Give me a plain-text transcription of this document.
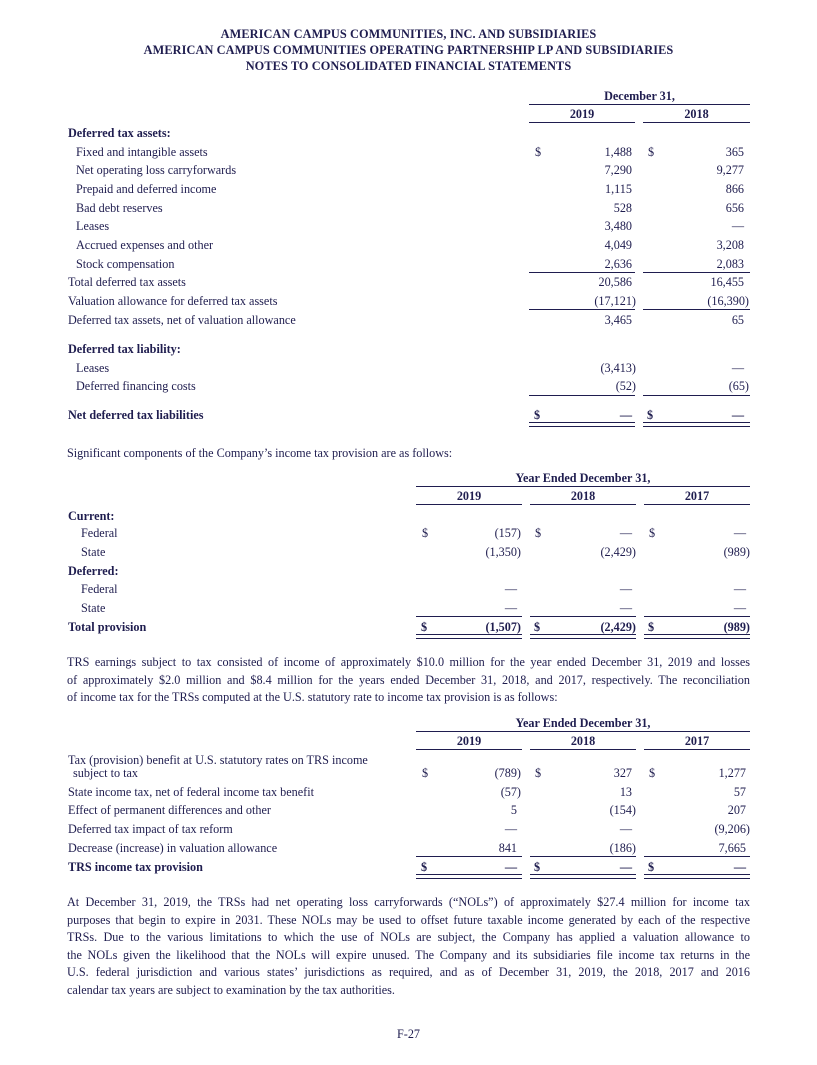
AMERICAN CAMPUS COMMUNITIES, INC. AND SUBSIDIARIES
AMERICAN CAMPUS COMMUNITIES OPERATING PARTNERSHIP LP AND SUBSIDIARIES
NOTES TO CONSOLIDATED FINANCIAL STATEMENTS
December 31,
2019	2018
Deferred tax assets:
Fixed and intangible assets	$	1,488 $	365
Net operating loss carryforwards	7,290	9,277
Prepaid and deferred income	1,115	866
Bad debt reserves	528	656
Leases	3,480	—
Accrued expenses and other	4,049	3,208
Stock compensation	2,636	2,083
Total deferred tax assets	20,586	16,455
Valuation allowance for deferred tax assets	(17,121)	(16,390)
Deferred tax assets, net of valuation allowance	3,465	65
Deferred tax liability:
Leases	(3,413)	—
Deferred financing costs	(52)	(65)
Net deferred tax liabilities	$	— $	—
Significant components of the Company’s income tax provision are as follows:
Year Ended December 31,
2019	2018	2017
Current:
Federal	$	(157) $	— $	—
State	(1,350)	(2,429)	(989)
Deferred:
Federal	—	—	—
State	—	—	—
Total provision	$	(1,507) $	(2,429) $	(989)
TRS earnings subject to tax consisted of income of approximately $10.0 million for the year ended December 31, 2019 and losses
of approximately $2.0 million and $8.4 million for the years ended December 31, 2018, and 2017, respectively. The reconciliation
of income tax for the TRSs computed at the U.S. statutory rate to income tax provision is as follows:
Year Ended December 31,
2019	2018	2017
Tax (provision) benefit at U.S. statutory rates on TRS income
subject to tax	$	(789) $	327 $	1,277
State income tax, net of federal income tax benefit	(57)	13	57
Effect of permanent differences and other	5	(154)	207
Deferred tax impact of tax reform	—	—	(9,206)
Decrease (increase) in valuation allowance	841	(186)	7,665
TRS income tax provision	$	— $	— $	—
At December 31, 2019, the TRSs had net operating loss carryforwards (“NOLs”) of approximately $27.4 million for income tax
purposes that begin to expire in 2031. These NOLs may be used to offset future taxable income generated by each of the respective
TRSs. Due to the various limitations to which the use of NOLs are subject, the Company has applied a valuation allowance to
the NOLs given the likelihood that the NOLs will expire unused. The Company and its subsidiaries file income tax returns in the
U.S. federal jurisdiction and various states’ jurisdictions as required, and as of December 31, 2019, the 2018, 2017 and 2016
calendar tax years are subject to examination by the tax authorities.
F-27
